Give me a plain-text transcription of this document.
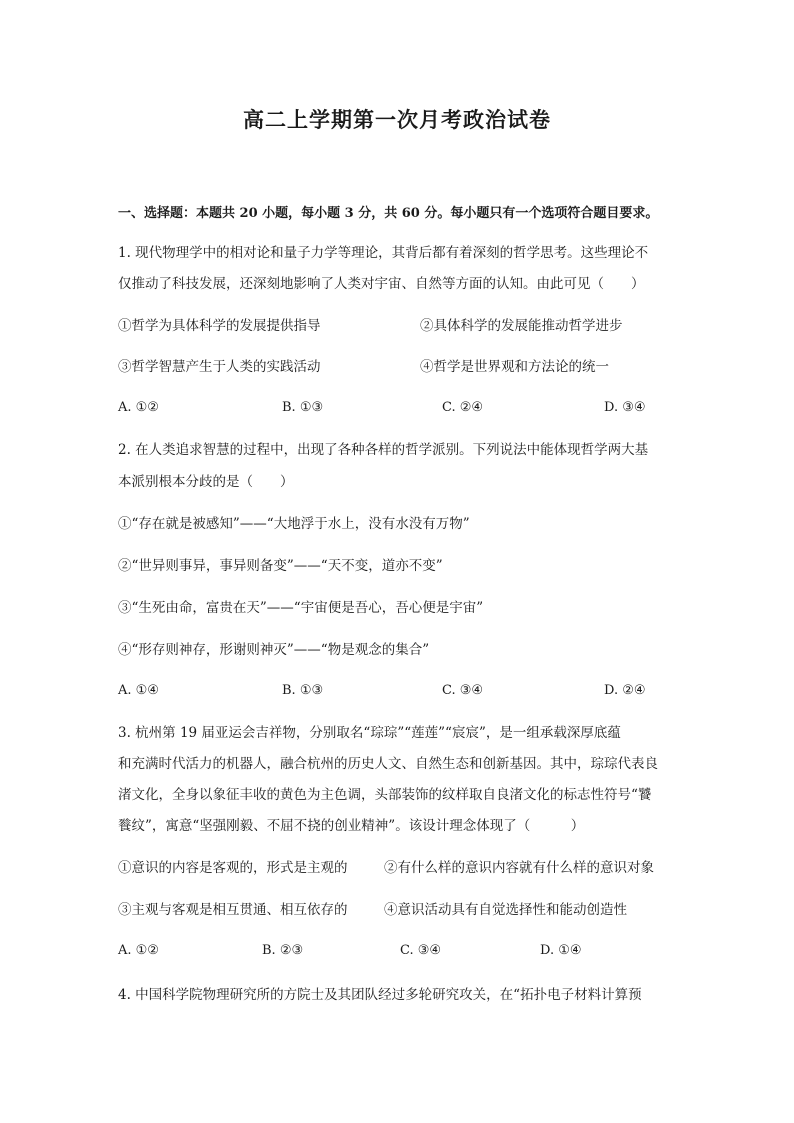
高二上学期第一次月考政治试卷
一、选择题：本题共 20 小题，每小题 3 分，共 60 分。每小题只有一个选项符合题目要求。
1. 现代物理学中的相对论和量子力学等理论，其背后都有着深刻的哲学思考。这些理论不
仅推动了科技发展，还深刻地影响了人类对宇宙、自然等方面的认知。由此可见（　　）
①哲学为具体科学的发展提供指导	②具体科学的发展能推动哲学进步
③哲学智慧产生于人类的实践活动	④哲学是世界观和方法论的统一
A. ①②	B. ①③	C. ②④	D. ③④
2. 在人类追求智慧的过程中，出现了各种各样的哲学派别。下列说法中能体现哲学两大基
本派别根本分歧的是（　　）
①“存在就是被感知”——“大地浮于水上，没有水没有万物”
②“世异则事异，事异则备变”——“天不变，道亦不变”
③“生死由命，富贵在天”——“宇宙便是吾心，吾心便是宇宙”
④“形存则神存，形谢则神灭”——“物是观念的集合”
A. ①④	B. ①③	C. ③④	D. ②④
3. 杭州第 19 届亚运会吉祥物，分别取名“琮琮”“莲莲”“宸宸”，是一组承载深厚底蕴
和充满时代活力的机器人，融合杭州的历史人文、自然生态和创新基因。其中，琮琮代表良
渚文化，全身以象征丰收的黄色为主色调，头部装饰的纹样取自良渚文化的标志性符号“饕
餮纹”，寓意“坚强刚毅、不屈不挠的创业精神”。该设计理念体现了（　　　）
①意识的内容是客观的，形式是主观的	②有什么样的意识内容就有什么样的意识对象
③主观与客观是相互贯通、相互依存的	④意识活动具有自觉选择性和能动创造性
A. ①②	B. ②③	C. ③④	D. ①④
4. 中国科学院物理研究所的方院士及其团队经过多轮研究攻关，在“拓扑电子材料计算预
